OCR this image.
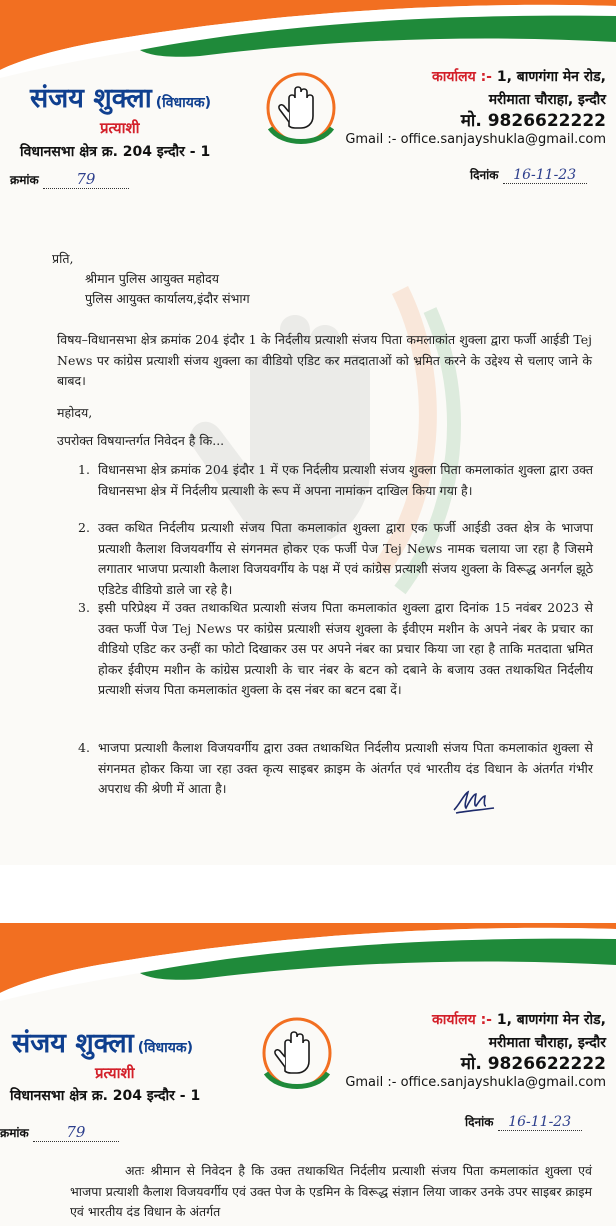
संजय शुक्ला (विधायक)
प्रत्याशी
विधानसभा क्षेत्र क्र. 204 इन्दौर - 1
कार्यालय :- 1, बाणगंगा मेन रोड,
मरीमाता चौराहा, इन्दौर
मो. 9826622222
Gmail :- office.sanjayshukla@gmail.com
क्रमांक	79	दिनांक 16-11-23
प्रति,
श्रीमान पुलिस आयुक्त महोदय
पुलिस आयुक्त कार्यालय,इंदौर संभाग
विषय–विधानसभा क्षेत्र क्रमांक 204 इंदौर 1 के निर्दलीय प्रत्याशी संजय पिता कमलाकांत शुक्ला द्वारा फर्जी आईडी Tej News पर कांग्रेस प्रत्याशी संजय शुक्ला का वीडियो एडिट कर मतदाताओं को भ्रमित करने के उद्देश्य से चलाए जाने के बाबद।
महोदय,
उपरोक्त विषयान्तर्गत निवेदन है कि...
1. विधानसभा क्षेत्र क्रमांक 204 इंदौर 1 में एक निर्दलीय प्रत्याशी संजय शुक्ला पिता कमलाकांत शुक्ला द्वारा उक्त विधानसभा क्षेत्र में निर्दलीय प्रत्याशी के रूप में अपना नामांकन दाखिल किया गया है।
2. उक्त कथित निर्दलीय प्रत्याशी संजय पिता कमलाकांत शुक्ला द्वारा एक फर्जी आईडी उक्त क्षेत्र के भाजपा प्रत्याशी कैलाश विजयवर्गीय से संगनमत होकर एक फर्जी पेज Tej News नामक चलाया जा रहा है जिसमे लगातार भाजपा प्रत्याशी कैलाश विजयवर्गीय के पक्ष में एवं कांग्रेस प्रत्याशी संजय शुक्ला के विरूद्ध अनर्गल झूठे एडिटेड वीडियो डाले जा रहे है।
3. इसी परिप्रेक्ष्य में उक्त तथाकथित प्रत्याशी संजय पिता कमलाकांत शुक्ला द्वारा दिनांक 15 नवंबर 2023 से उक्त फर्जी पेज Tej News पर कांग्रेस प्रत्याशी संजय शुक्ला के ईवीएम मशीन के अपने नंबर के प्रचार का वीडियो एडिट कर उन्हीं का फोटो दिखाकर उस पर अपने नंबर का प्रचार किया जा रहा है ताकि मतदाता भ्रमित होकर ईवीएम मशीन के कांग्रेस प्रत्याशी के चार नंबर के बटन को दबाने के बजाय उक्त तथाकथित निर्दलीय प्रत्याशी संजय पिता कमलाकांत शुक्ला के दस नंबर का बटन दबा दें।
4. भाजपा प्रत्याशी कैलाश विजयवर्गीय द्वारा उक्त तथाकथित निर्दलीय प्रत्याशी संजय पिता कमलाकांत शुक्ला से संगनमत होकर किया जा रहा उक्त कृत्य साइबर क्राइम के अंतर्गत एवं भारतीय दंड विधान के अंतर्गत गंभीर अपराध की श्रेणी में आता है।
संजय शुक्ला (विधायक)
प्रत्याशी
विधानसभा क्षेत्र क्र. 204 इन्दौर - 1
कार्यालय :- 1, बाणगंगा मेन रोड,
मरीमाता चौराहा, इन्दौर
मो. 9826622222
Gmail :- office.sanjayshukla@gmail.com
क्रमांक	79
दिनांक 16-11-23
अतः श्रीमान से निवेदन है कि उक्त तथाकथित निर्दलीय प्रत्याशी संजय पिता कमलाकांत शुक्ला एवं भाजपा प्रत्याशी कैलाश विजयवर्गीय एवं उक्त पेज के एडमिन के विरूद्ध संज्ञान लिया जाकर उनके उपर साइबर क्राइम एवं भारतीय दंड विधान के अंतर्गत
